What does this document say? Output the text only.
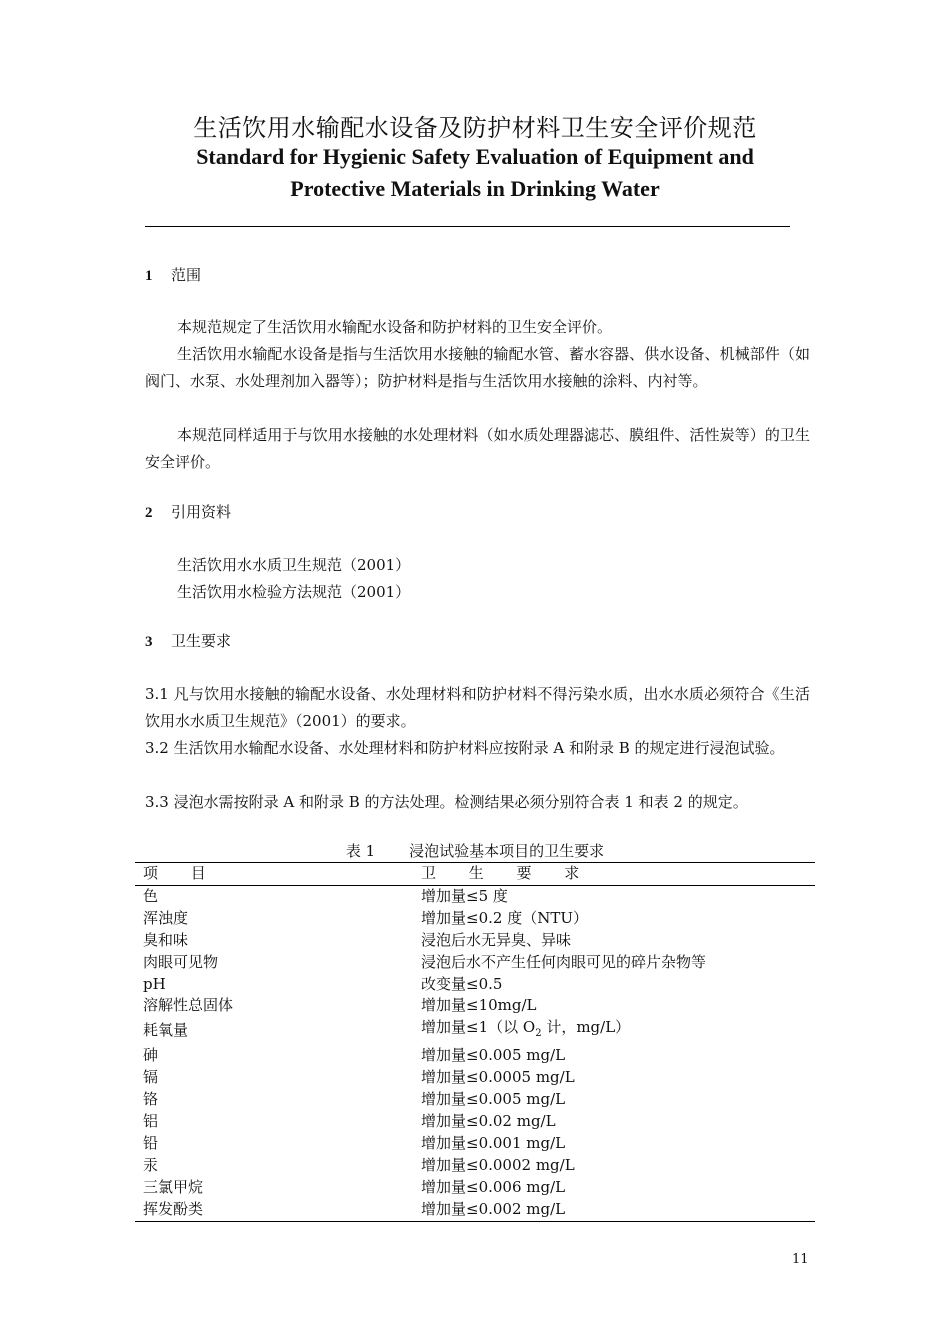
生活饮用水输配水设备及防护材料卫生安全评价规范
Standard for Hygienic Safety Evaluation of Equipment and
Protective Materials in Drinking Water
1 范围
本规范规定了生活饮用水输配水设备和防护材料的卫生安全评价。
生活饮用水输配水设备是指与生活饮用水接触的输配水管、蓄水容器、供水设备、机械部件（如阀门、水泵、水处理剂加入器等）；防护材料是指与生活饮用水接触的涂料、内衬等。
本规范同样适用于与饮用水接触的水处理材料（如水质处理器滤芯、膜组件、活性炭等）的卫生安全评价。
2 引用资料
生活饮用水水质卫生规范（2001）
生活饮用水检验方法规范（2001）
3 卫生要求
3.1 凡与饮用水接触的输配水设备、水处理材料和防护材料不得污染水质，出水水质必须符合《生活饮用水水质卫生规范》（2001）的要求。
3.2 生活饮用水输配水设备、水处理材料和防护材料应按附录 A 和附录 B 的规定进行浸泡试验。
3.3 浸泡水需按附录 A 和附录 B 的方法处理。检测结果必须分别符合表 1 和表 2 的规定。
表 1 浸泡试验基本项目的卫生要求
项 目	卫 生 要 求
色	增加量≤5 度
浑浊度	增加量≤0.2 度（NTU）
臭和味	浸泡后水无异臭、异味
肉眼可见物	浸泡后水不产生任何肉眼可见的碎片杂物等
pH	改变量≤0.5
溶解性总固体	增加量≤10mg/L
耗氧量	增加量≤1（以 $O_2$ 计，mg/L）
砷	增加量≤0.005 mg/L
镉	增加量≤0.0005 mg/L
铬	增加量≤0.005 mg/L
铝	增加量≤0.02 mg/L
铅	增加量≤0.001 mg/L
汞	增加量≤0.0002 mg/L
三氯甲烷	增加量≤0.006 mg/L
挥发酚类	增加量≤0.002 mg/L
11
